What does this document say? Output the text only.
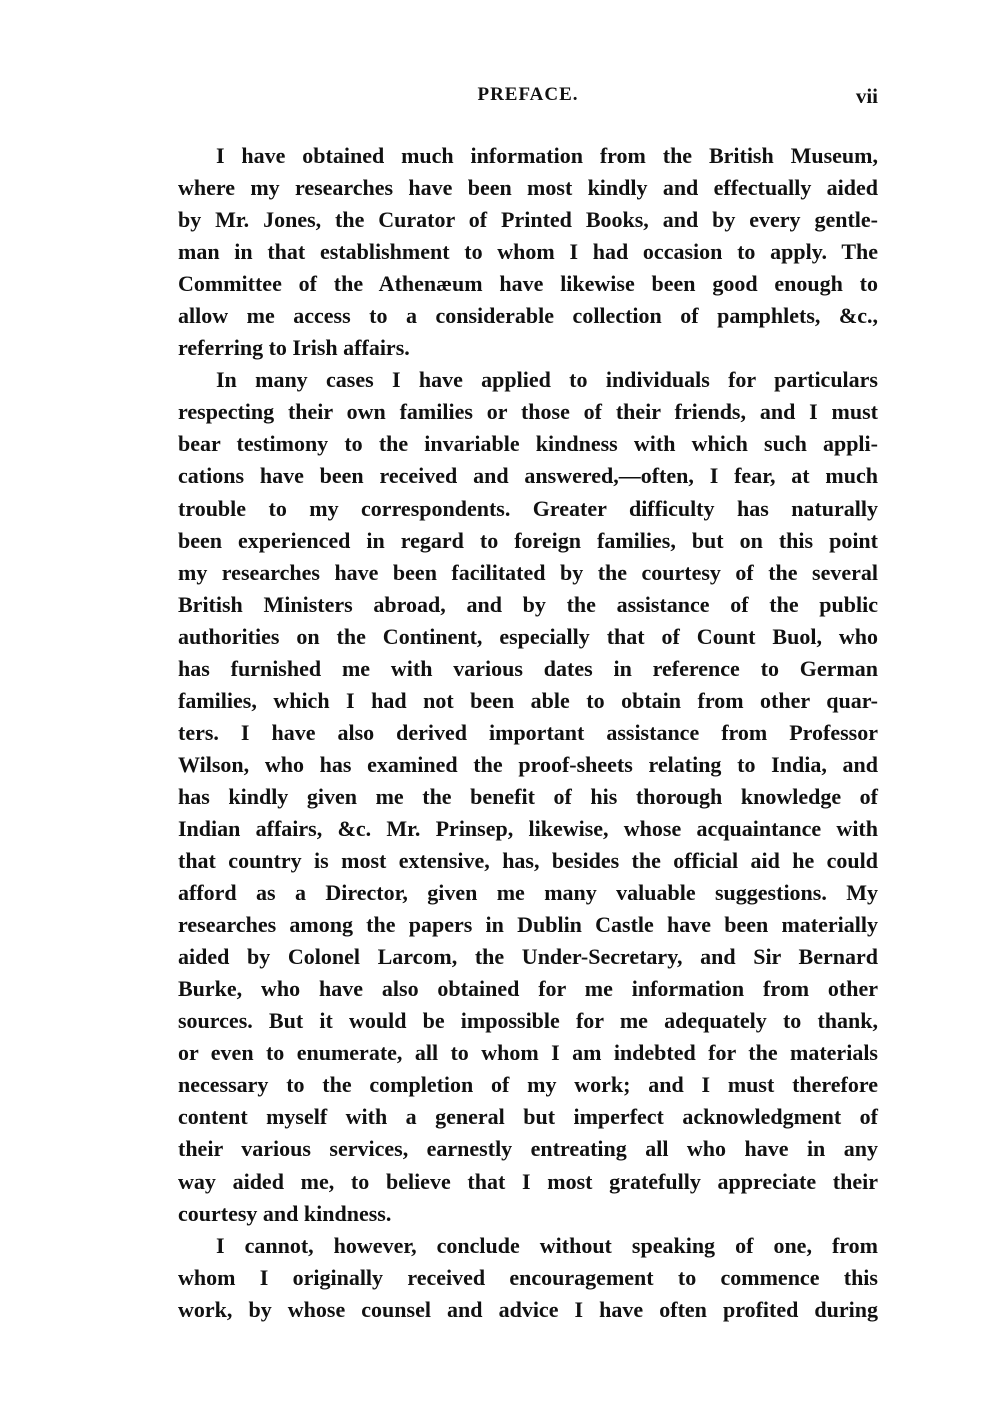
PREFACE.	vii
I have obtained much information from the British Museum,
where my researches have been most kindly and effectually aided
by Mr. Jones, the Curator of Printed Books, and by every gentle-
man in that establishment to whom I had occasion to apply. The
Committee of the Athenæum have likewise been good enough to
allow me access to a considerable collection of pamphlets, &c.,
referring to Irish affairs.
In many cases I have applied to individuals for particulars
respecting their own families or those of their friends, and I must
bear testimony to the invariable kindness with which such appli-
cations have been received and answered,—often, I fear, at much
trouble to my correspondents. Greater difficulty has naturally
been experienced in regard to foreign families, but on this point
my researches have been facilitated by the courtesy of the several
British Ministers abroad, and by the assistance of the public
authorities on the Continent, especially that of Count Buol, who
has furnished me with various dates in reference to German
families, which I had not been able to obtain from other quar-
ters. I have also derived important assistance from Professor
Wilson, who has examined the proof-sheets relating to India, and
has kindly given me the benefit of his thorough knowledge of
Indian affairs, &c. Mr. Prinsep, likewise, whose acquaintance with
that country is most extensive, has, besides the official aid he could
afford as a Director, given me many valuable suggestions. My
researches among the papers in Dublin Castle have been materially
aided by Colonel Larcom, the Under-Secretary, and Sir Bernard
Burke, who have also obtained for me information from other
sources. But it would be impossible for me adequately to thank,
or even to enumerate, all to whom I am indebted for the materials
necessary to the completion of my work; and I must therefore
content myself with a general but imperfect acknowledgment of
their various services, earnestly entreating all who have in any
way aided me, to believe that I most gratefully appreciate their
courtesy and kindness.
I cannot, however, conclude without speaking of one, from
whom I originally received encouragement to commence this
work, by whose counsel and advice I have often profited during
